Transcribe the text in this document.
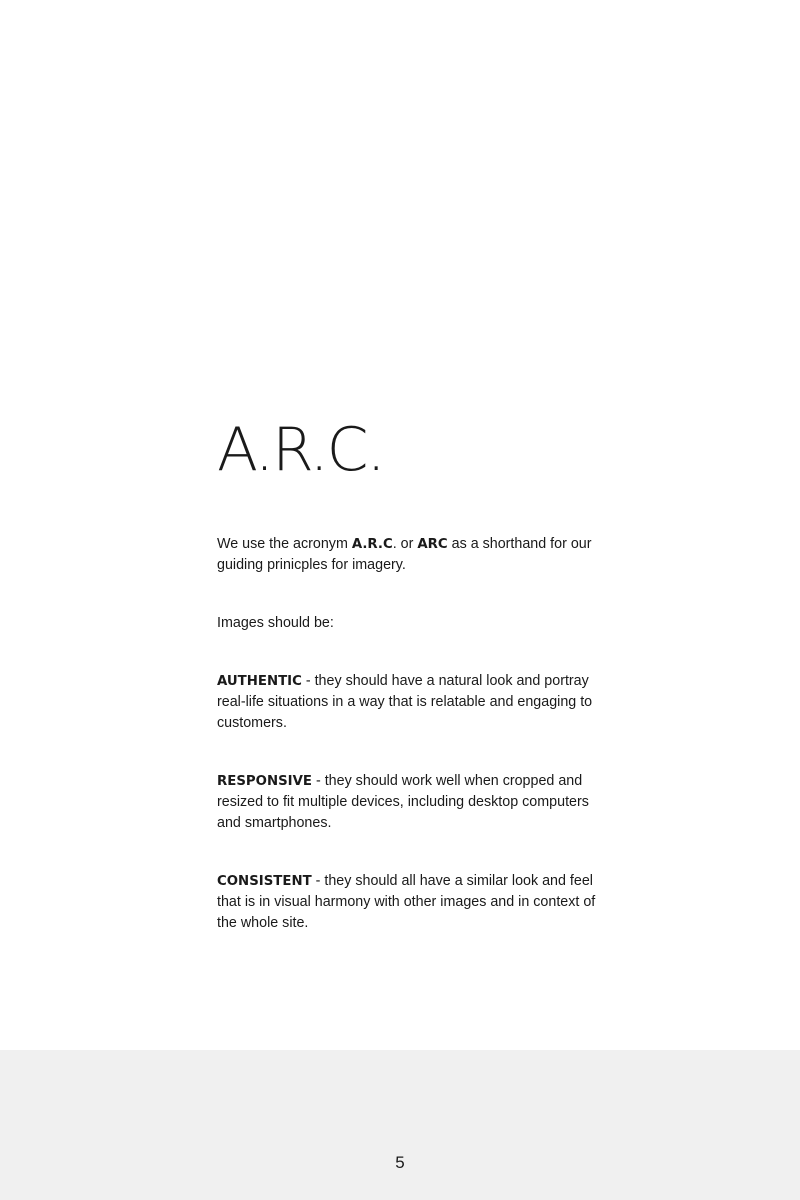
A.R.C.

We use the acronym A.R.C. or ARC as a shorthand for our guiding prinicples for imagery.

Images should be:

AUTHENTIC - they should have a natural look and portray real-life situations in a way that is relatable and engaging to customers.

RESPONSIVE - they should work well when cropped and resized to fit multiple devices, including desktop computers and smartphones.

CONSISTENT - they should all have a similar look and feel that is in visual harmony with other images and in context of the whole site.

5
